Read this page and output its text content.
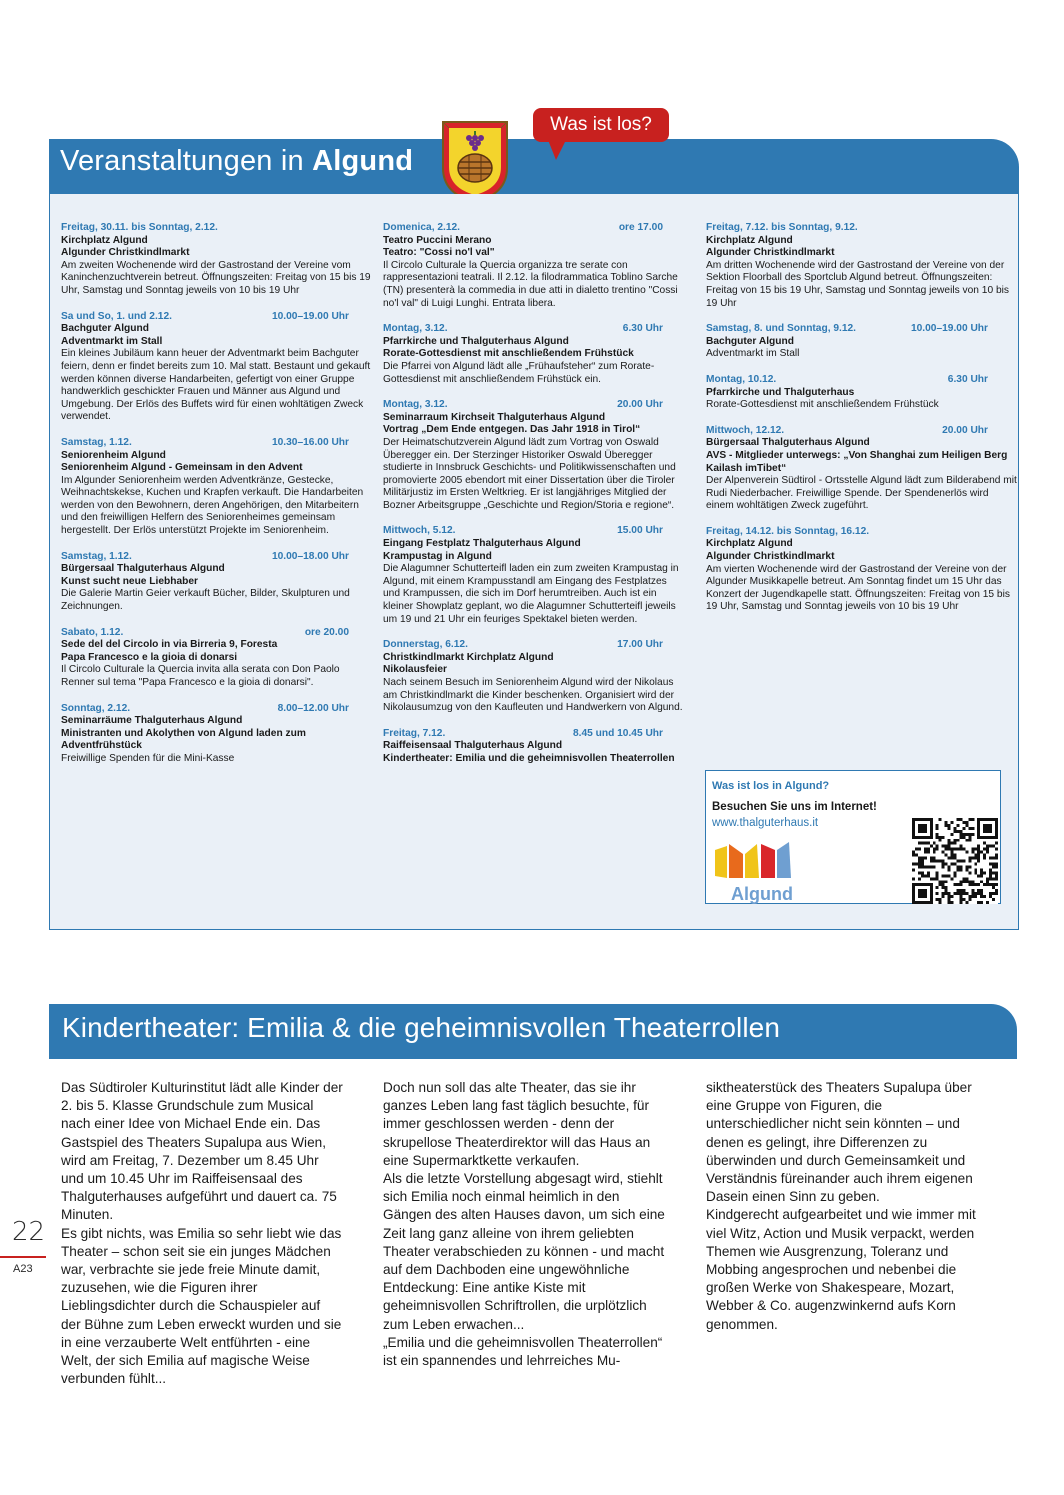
Veranstaltungen in Algund
Was ist los?
Freitag, 30.11. bis Sonntag, 2.12.
Kirchplatz Algund
Algunder Christkindlmarkt
Am zweiten Wochenende wird der Gastrostand der Vereine vom Kaninchenzuchtverein betreut. Öffnungszeiten: Freitag von 15 bis 19 Uhr, Samstag und Sonntag jeweils von 10 bis 19 Uhr
Sa und So, 1. und 2.12.	10.00–19.00 Uhr
Bachguter Algund
Adventmarkt im Stall
Ein kleines Jubiläum kann heuer der Adventmarkt beim Bachguter feiern, denn er findet bereits zum 10. Mal statt. Bestaunt und gekauft werden können diverse Handarbeiten, gefertigt von einer Gruppe handwerklich geschickter Frauen und Männer aus Algund und Umgebung. Der Erlös des Buffets wird für einen wohltätigen Zweck verwendet.
Samstag, 1.12.	10.30–16.00 Uhr
Seniorenheim Algund
Seniorenheim Algund - Gemeinsam in den Advent
Im Algunder Seniorenheim werden Adventkränze, Gestecke, Weihnachtskekse, Kuchen und Krapfen verkauft. Die Handarbeiten werden von den Bewohnern, deren Angehörigen, den Mitarbeitern und den freiwilligen Helfern des Seniorenheimes gemeinsam hergestellt. Der Erlös unterstützt Projekte im Seniorenheim.
Samstag, 1.12.	10.00–18.00 Uhr
Bürgersaal Thalguterhaus Algund
Kunst sucht neue Liebhaber
Die Galerie Martin Geier verkauft Bücher, Bilder, Skulpturen und Zeichnungen.
Sabato, 1.12.	ore 20.00
Sede del del Circolo in via Birreria 9, Foresta
Papa Francesco e la gioia di donarsi
Il Circolo Culturale la Quercia invita alla serata con Don Paolo Renner sul tema "Papa Francesco e la gioia di donarsi".
Sonntag, 2.12.	8.00–12.00 Uhr
Seminarräume Thalguterhaus Algund
Ministranten und Akolythen von Algund laden zum Adventfrühstück
Freiwillige Spenden für die Mini-Kasse
Domenica, 2.12.	ore 17.00
Teatro Puccini Merano
Teatro: "Cossi no'l val"
Il Circolo Culturale la Quercia organizza tre serate con rappresentazioni teatrali. Il 2.12. la filodrammatica Toblino Sarche (TN) presenterà la commedia in due atti in dialetto trentino "Cossi no'l val" di Luigi Lunghi. Entrata libera.
Montag, 3.12.	6.30 Uhr
Pfarrkirche und Thalguterhaus Algund
Rorate-Gottesdienst mit anschließendem Frühstück
Die Pfarrei von Algund lädt alle „Frühaufsteher“ zum Rorate-Gottesdienst mit anschließendem Frühstück ein.
Montag, 3.12.	20.00 Uhr
Seminarraum Kirchseit Thalguterhaus Algund
Vortrag „Dem Ende entgegen. Das Jahr 1918 in Tirol“
Der Heimatschutzverein Algund lädt zum Vortrag von Oswald Überegger ein. Der Sterzinger Historiker Oswald Überegger studierte in Innsbruck Geschichts- und Politikwissenschaften und promovierte 2005 ebendort mit einer Dissertation über die Tiroler Militärjustiz im Ersten Weltkrieg. Er ist langjähriges Mitglied der Bozner Arbeitsgruppe „Geschichte und Region/Storia e regione“.
Mittwoch, 5.12.	15.00 Uhr
Eingang Festplatz Thalguterhaus Algund
Krampustag in Algund
Die Alagumner Schutterteifl laden ein zum zweiten Krampustag in Algund, mit einem Krampusstandl am Eingang des Festplatzes und Krampussen, die sich im Dorf herumtreiben. Auch ist ein kleiner Showplatz geplant, wo die Alagumner Schutterteifl jeweils um 19 und 21 Uhr ein feuriges Spektakel bieten werden.
Donnerstag, 6.12.	17.00 Uhr
Christkindlmarkt Kirchplatz Algund
Nikolausfeier
Nach seinem Besuch im Seniorenheim Algund wird der Nikolaus am Christkindlmarkt die Kinder beschenken. Organisiert wird der Nikolausumzug von den Kaufleuten und Handwerkern von Algund.
Freitag, 7.12.	8.45 und 10.45 Uhr
Raiffeisensaal Thalguterhaus Algund
Kindertheater: Emilia und die geheimnisvollen Theaterrollen
Freitag, 7.12. bis Sonntag, 9.12.
Kirchplatz Algund
Algunder Christkindlmarkt
Am dritten Wochenende wird der Gastrostand der Vereine von der Sektion Floorball des Sportclub Algund betreut. Öffnungszeiten: Freitag von 15 bis 19 Uhr, Samstag und Sonntag jeweils von 10 bis 19 Uhr
Samstag, 8. und Sonntag, 9.12.	10.00–19.00 Uhr
Bachguter Algund
Adventmarkt im Stall
Montag, 10.12.	6.30 Uhr
Pfarrkirche und Thalguterhaus
Rorate-Gottesdienst mit anschließendem Frühstück
Mittwoch, 12.12.	20.00 Uhr
Bürgersaal Thalguterhaus Algund
AVS - Mitglieder unterwegs: „Von Shanghai zum Heiligen Berg Kailash imTibet“
Der Alpenverein Südtirol - Ortsstelle Algund lädt zum Bilderabend mit Rudi Niederbacher. Freiwillige Spende. Der Spendenerlös wird einem wohltätigen Zweck zugeführt.
Freitag, 14.12. bis Sonntag, 16.12.
Kirchplatz Algund
Algunder Christkindlmarkt
Am vierten Wochenende wird der Gastrostand der Vereine von der Algunder Musikkapelle betreut. Am Sonntag findet um 15 Uhr das Konzert der Jugendkapelle statt. Öffnungszeiten: Freitag von 15 bis 19 Uhr, Samstag und Sonntag jeweils von 10 bis 19 Uhr
Was ist los in Algund?
Besuchen Sie uns im Internet!
www.thalguterhaus.it
Algund
Kindertheater: Emilia & die geheimnisvollen Theaterrollen

Das Südtiroler Kulturinstitut lädt alle Kinder der 2. bis 5. Klasse Grundschule zum Musical nach einer Idee von Michael Ende ein. Das Gastspiel des Theaters Supalupa aus Wien, wird am Freitag, 7. Dezember um 8.45 Uhr und um 10.45 Uhr im Raiffeisensaal des Thalguterhauses aufgeführt und dauert ca. 75 Minuten.

Es gibt nichts, was Emilia so sehr liebt wie das Theater – schon seit sie ein junges Mädchen war, verbrachte sie jede freie Minute damit, zuzusehen, wie die Figuren ihrer Lieblingsdichter durch die Schauspieler auf der Bühne zum Leben erweckt wurden und sie in eine verzauberte Welt entführten - eine Welt, der sich Emilia auf magische Weise verbunden fühlt...

Doch nun soll das alte Theater, das sie ihr ganzes Leben lang fast täglich besuchte, für immer geschlossen werden - denn der skrupellose Theaterdirektor will das Haus an eine Supermarktkette verkaufen.

Als die letzte Vorstellung abgesagt wird, stiehlt sich Emilia noch einmal heimlich in den Gängen des alten Hauses davon, um sich eine Zeit lang ganz alleine von ihrem geliebten Theater verabschieden zu können - und macht auf dem Dachboden eine ungewöhnliche Entdeckung: Eine antike Kiste mit geheimnisvollen Schriftrollen, die urplötzlich zum Leben erwachen...

„Emilia und die geheimnisvollen Theaterrollen“ ist ein spannendes und lehrreiches Mu-

siktheaterstück des Theaters Supalupa über eine Gruppe von Figuren, die unterschiedlicher nicht sein könnten – und denen es gelingt, ihre Differenzen zu überwinden und durch Gemeinsamkeit und Verständnis füreinander auch ihrem eigenen Dasein einen Sinn zu geben.

Kindgerecht aufgearbeitet und wie immer mit viel Witz, Action und Musik verpackt, werden Themen wie Ausgrenzung, Toleranz und Mobbing angesprochen und nebenbei die großen Werke von Shakespeare, Mozart, Webber & Co. augenzwinkernd aufs Korn genommen.

22
A23
